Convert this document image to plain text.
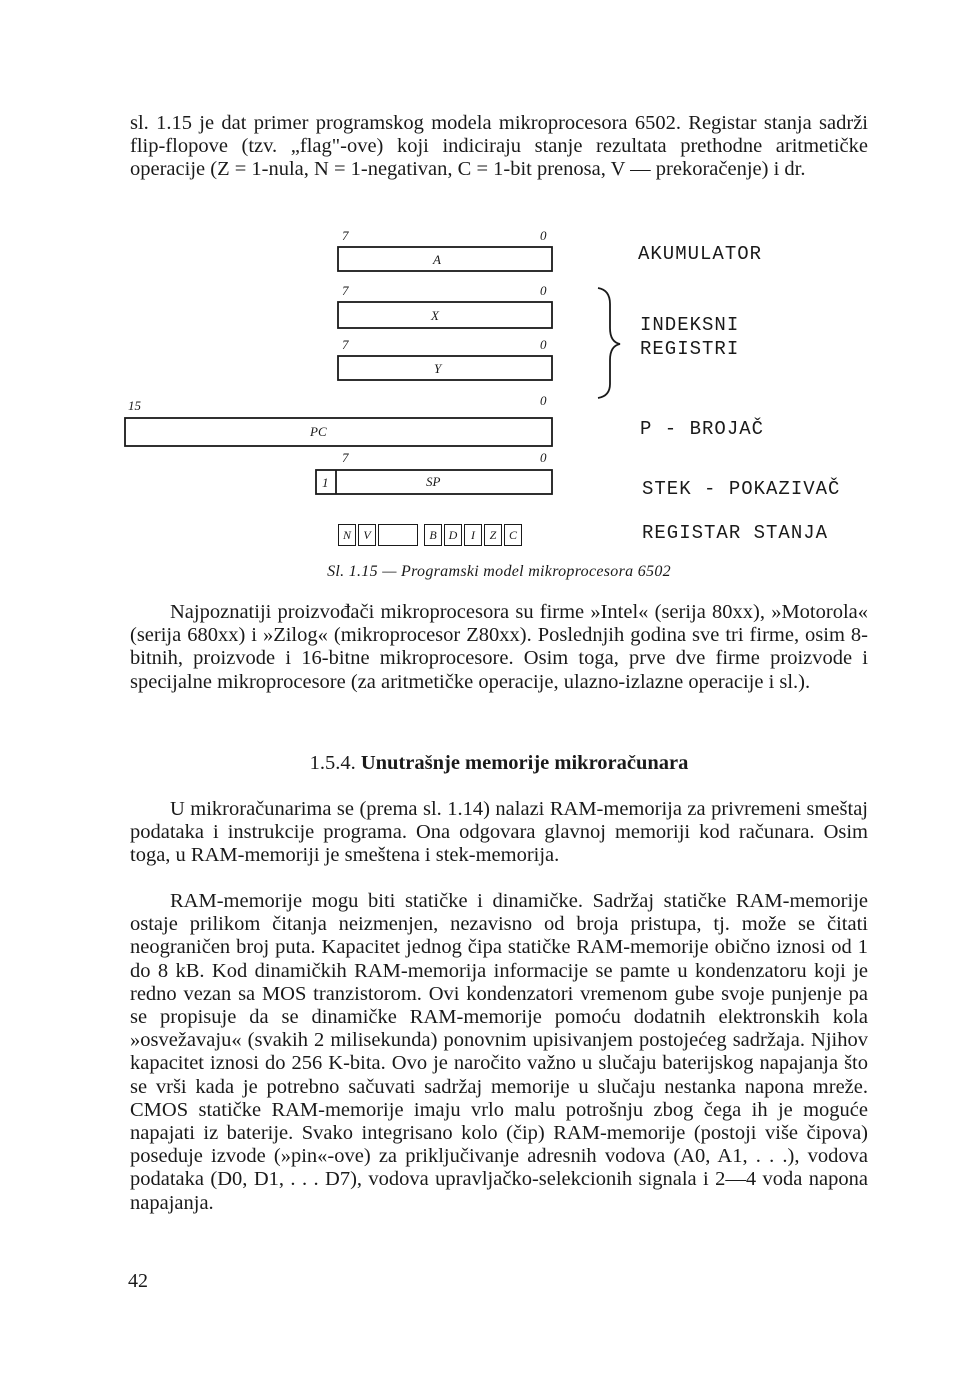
sl. 1.15 je dat primer programskog modela mikroprocesora 6502. Registar stanja sadrži flip-flopove (tzv. „flag"-ove) koji indiciraju stanje rezultata prethodne aritmetičke operacije (Z = 1-nula, N = 1-negativan, C = 1-bit prenosa, V — prekoračenje) i dr.

7	0
A
7	0
X
7	0
Y
15	0
PC
7	0
1	SP
N	V	B D	I	Z	C
AKUMULATOR
INDEKSNI
REGISTRI
P - BROJAČ
STEK - POKAZIVAČ
REGISTAR STANJA

Sl. 1.15 — Programski model mikroprocesora 6502

Najpoznatiji proizvođači mikroprocesora su firme »Intel« (serija 80xx), »Motorola« (serija 680xx) i »Zilog« (mikroprocesor Z80xx). Poslednjih godina sve tri firme, osim 8-bitnih, proizvode i 16-bitne mikroprocesore. Osim toga, prve dve firme proizvode i specijalne mikroprocesore (za aritmetičke operacije, ulazno-izlazne operacije i sl.).

1.5.4. Unutrašnje memorije mikroračunara

U mikroračunarima se (prema sl. 1.14) nalazi RAM-memorija za privremeni smeštaj podataka i instrukcije programa. Ona odgovara glavnoj memoriji kod računara. Osim toga, u RAM-memoriji je smeštena i stek-memorija.

RAM-memorije mogu biti statičke i dinamičke. Sadržaj statičke RAM-memorije ostaje prilikom čitanja neizmenjen, nezavisno od broja pristupa, tj. može se čitati neograničen broj puta. Kapacitet jednog čipa statičke RAM-memorije obično iznosi od 1 do 8 kB. Kod dinamičkih RAM-memorija informacije se pamte u kondenzatoru koji je redno vezan sa MOS tranzistorom. Ovi kondenzatori vremenom gube svoje punjenje pa se propisuje da se dinamičke RAM-memorije pomoću dodatnih elektronskih kola »osvežavaju« (svakih 2 milisekunda) ponovnim upisivanjem postojećeg sadržaja. Njihov kapacitet iznosi do 256 K-bita. Ovo je naročito važno u slučaju baterijskog napajanja što se vrši kada je potrebno sačuvati sadržaj memorije u slučaju nestanka napona mreže. CMOS statičke RAM-memorije imaju vrlo malu potrošnju zbog čega ih je moguće napajati iz baterije. Svako integrisano kolo (čip) RAM-memorije (postoji više čipova) poseduje izvode (»pin«-ove) za priključivanje adresnih vodova (A0, A1, . . .), vodova podataka (D0, D1, . . . D7), vodova upravljačko-selekcionih signala i 2—4 voda napona napajanja.

42
